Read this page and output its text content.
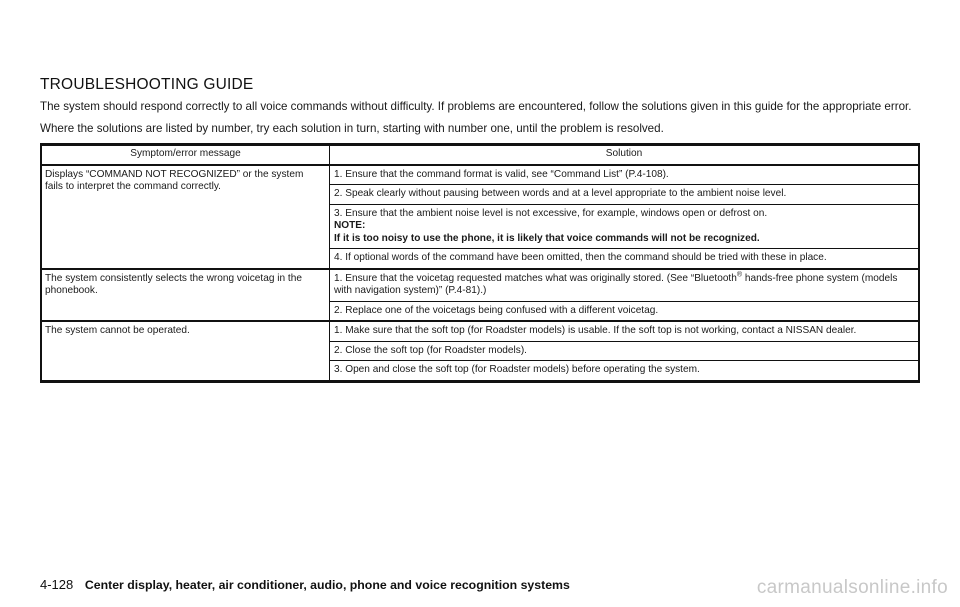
TROUBLESHOOTING GUIDE

The system should respond correctly to all voice commands without difficulty. If problems are encountered, follow the solutions given in this guide for the appropriate error.

Where the solutions are listed by number, try each solution in turn, starting with number one, until the problem is resolved.

Symptom/error message	Solution
Displays “COMMAND NOT RECOGNIZED” or the system fails to interpret the command correctly.	1. Ensure that the command format is valid, see “Command List” (P.4-108).
	2. Speak clearly without pausing between words and at a level appropriate to the ambient noise level.

	3. Ensure that the ambient noise level is not excessive, for example, windows open or defrost on.
NOTE:
If it is too noisy to use the phone, it is likely that voice commands will not be recognized.

	4. If optional words of the command have been omitted, then the command should be tried with these in place.
The system consistently selects the wrong voicetag in the phonebook.	1. Ensure that the voicetag requested matches what was originally stored. (See “Bluetooth® hands-free phone system (models with navigation system)” (P.4-81).)
	2. Replace one of the voicetags being confused with a different voicetag.
The system cannot be operated.	1. Make sure that the soft top (for Roadster models) is usable. If the soft top is not working, contact a NISSAN dealer.
	2. Close the soft top (for Roadster models).
	3. Open and close the soft top (for Roadster models) before operating the system.
4-128 Center display, heater, air conditioner, audio, phone and voice recognition systems	carmanualsonline.info
